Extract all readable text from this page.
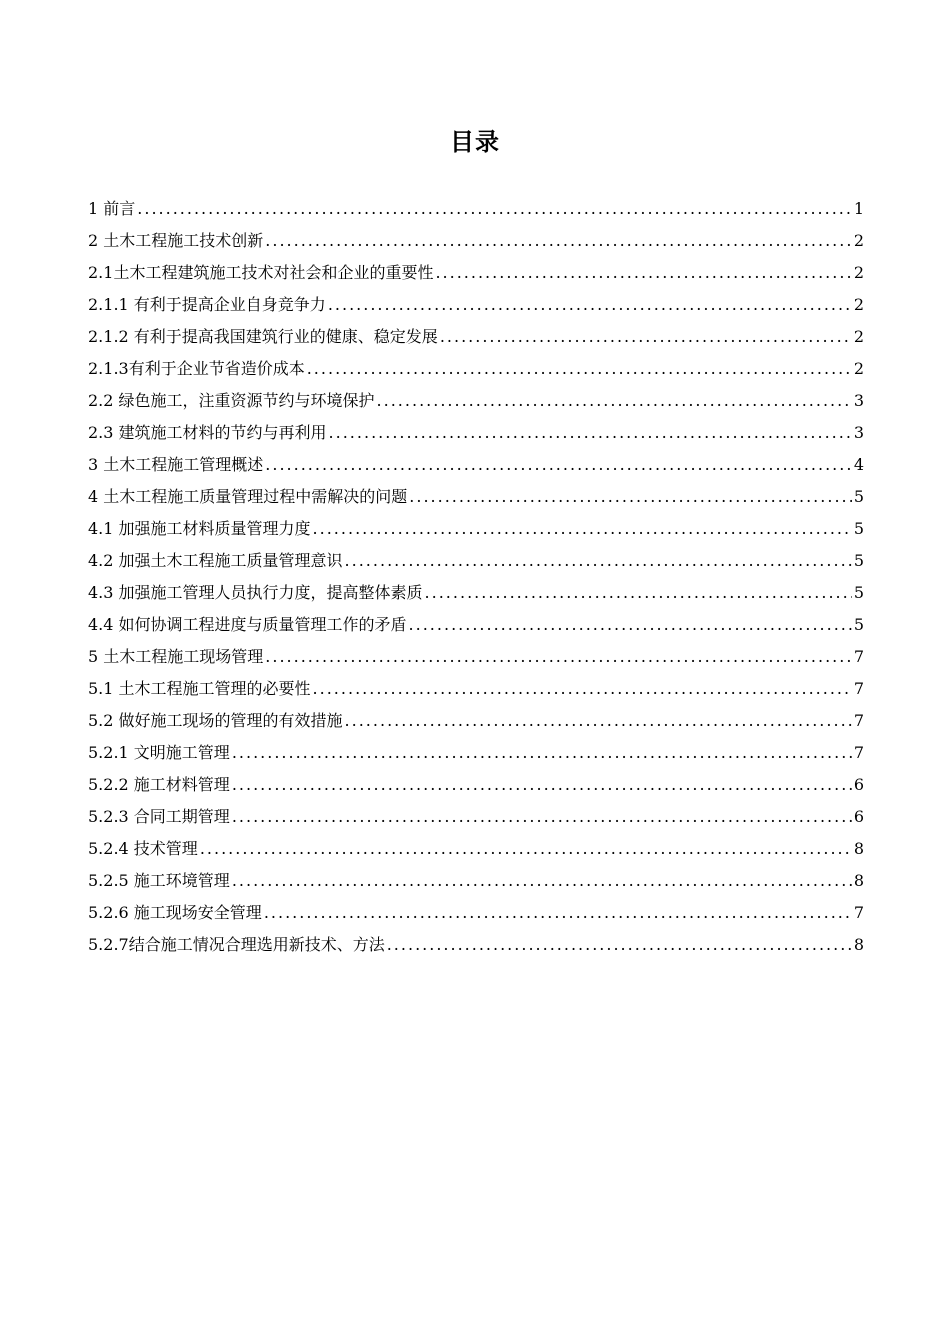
目录
1 前言 .....	1
2 土木工程施工技术创新 .....	2
2.1土木工程建筑施工技术对社会和企业的重要性 .....	2
2.1.1 有利于提高企业自身竞争力 .....	2
2.1.2 有利于提高我国建筑行业的健康、稳定发展 .....	2
2.1.3有利于企业节省造价成本 .....	2
2.2 绿色施工，注重资源节约与环境保护 .....	3
2.3 建筑施工材料的节约与再利用 .....	3
3 土木工程施工管理概述 .....	4
4 土木工程施工质量管理过程中需解决的问题 .....	5
4.1 加强施工材料质量管理力度 .....	5
4.2 加强土木工程施工质量管理意识 .....	5
4.3 加强施工管理人员执行力度，提高整体素质 .....	5
4.4 如何协调工程进度与质量管理工作的矛盾 .....	5
5 土木工程施工现场管理 .....	7
5.1 土木工程施工管理的必要性 .....	7
5.2 做好施工现场的管理的有效措施 .....	7
5.2.1 文明施工管理 .....	7
5.2.2 施工材料管理 .....	6
5.2.3 合同工期管理 .....	6
5.2.4 技术管理 .....	8
5.2.5 施工环境管理 .....	8
5.2.6 施工现场安全管理 .....	7
5.2.7结合施工情况合理选用新技术、方法 .....	8
